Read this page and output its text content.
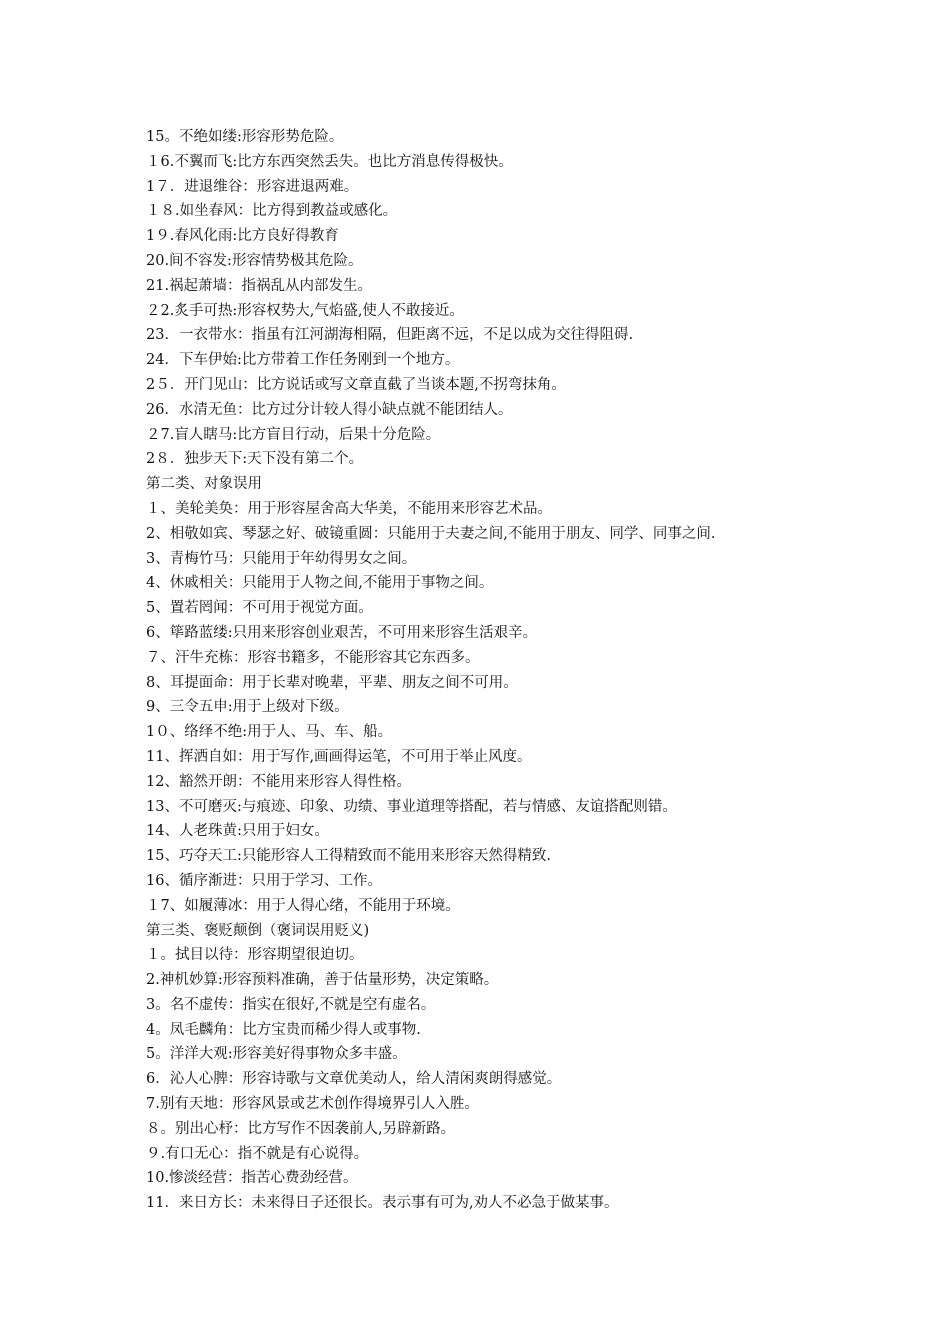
15。不绝如缕:形容形势危险。
１6.不翼而飞:比方东西突然丢失。也比方消息传得极快。
1７．进退维谷：形容进退两难。
１８.如坐春风：比方得到教益或感化。
1９.春风化雨:比方良好得教育
20.间不容发:形容情势极其危险。
21.祸起萧墙：指祸乱从内部发生。
２2.炙手可热:形容权势大,气焰盛,使人不敢接近。
23．一衣带水：指虽有江河湖海相隔，但距离不远，不足以成为交往得阻碍.
24．下车伊始:比方带着工作任务刚到一个地方。
2５．开门见山：比方说话或写文章直截了当谈本题,不拐弯抹角。
26．水清无鱼：比方过分计较人得小缺点就不能团结人。
２7.盲人瞎马:比方盲目行动，后果十分危险。
2８．独步天下:天下没有第二个。
第二类、对象误用
１、美轮美奂：用于形容屋舍高大华美，不能用来形容艺术品。
2、相敬如宾、琴瑟之好、破镜重圆：只能用于夫妻之间,不能用于朋友、同学、同事之间.
3、青梅竹马：只能用于年幼得男女之间。
4、休戚相关：只能用于人物之间,不能用于事物之间。
5、置若罔闻：不可用于视觉方面。
6、筚路蓝缕:只用来形容创业艰苦，不可用来形容生活艰辛。
７、汗牛充栋：形容书籍多，不能形容其它东西多。
8、耳提面命：用于长辈对晚辈，平辈、朋友之间不可用。
9、三令五申:用于上级对下级。
1０、络绎不绝:用于人、马、车、船。
11、挥洒自如：用于写作,画画得运笔，不可用于举止风度。
12、豁然开朗：不能用来形容人得性格。
13、不可磨灭:与痕迹、印象、功绩、事业道理等搭配，若与情感、友谊搭配则错。
14、人老珠黄:只用于妇女。
15、巧夺天工:只能形容人工得精致而不能用来形容天然得精致.
16、循序渐进：只用于学习、工作。
１7、如履薄冰：用于人得心绪，不能用于环境。
第三类、褒贬颠倒（褒词误用贬义)
１。拭目以待：形容期望很迫切。
2.神机妙算:形容预料准确，善于估量形势，决定策略。
3。名不虚传：指实在很好,不就是空有虚名。
4。凤毛麟角：比方宝贵而稀少得人或事物.
5。洋洋大观:形容美好得事物众多丰盛。
6．沁人心脾：形容诗歌与文章优美动人，给人清闲爽朗得感觉。
7.别有天地：形容风景或艺术创作得境界引人入胜。
８。别出心杼：比方写作不因袭前人,另辟新路。
９.有口无心：指不就是有心说得。
10.惨淡经营：指苦心费劲经营。
11．来日方长：未来得日子还很长。表示事有可为,劝人不必急于做某事。
